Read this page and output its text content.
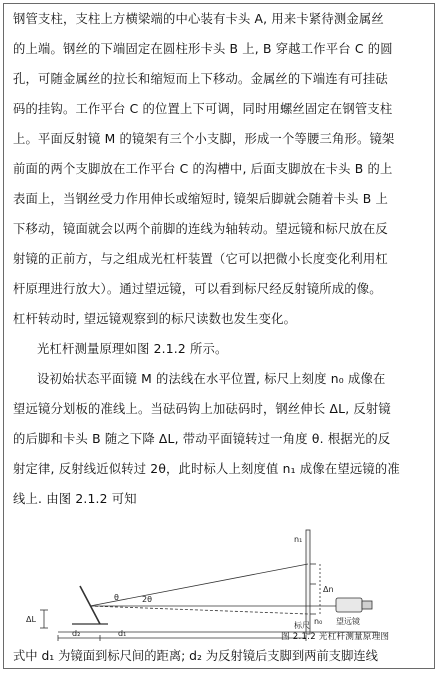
钢管支柱，支柱上方横梁端的中心装有卡头 A, 用来卡紧待测金属丝
的上端。钢丝的下端固定在圆柱形卡头 B 上, B 穿越工作平台 C 的圆
孔，可随金属丝的拉长和缩短而上下移动。金属丝的下端连有可挂砝
码的挂钩。工作平台 C 的位置上下可调，同时用螺丝固定在钢管支柱
上。平面反射镜 M 的镜架有三个小支脚，形成一个等腰三角形。镜架
前面的两个支脚放在工作平台 C 的沟槽中, 后面支脚放在卡头 B 的上
表面上，当钢丝受力作用伸长或缩短时, 镜架后脚就会随着卡头 B 上
下移动，镜面就会以两个前脚的连线为轴转动。望远镜和标尺放在反
射镜的正前方，与之组成光杠杆装置（它可以把微小长度变化利用杠
杆原理进行放大）。通过望远镜，可以看到标尺经反射镜所成的像。
杠杆转动时, 望远镜观察到的标尺读数也发生变化。
光杠杆测量原理如图 2.1.2 所示。
设初始状态平面镜 M 的法线在水平位置, 标尺上刻度 n₀ 成像在
望远镜分划板的准线上。当砝码钩上加砝码时，钢丝伸长 ΔL, 反射镜
的后脚和卡头 B 随之下降 ΔL, 带动平面镜转过一角度 θ. 根据光的反
射定律, 反射线近似转过 2θ，此时标人上刻度值 n₁ 成像在望远镜的准
线上. 由图 2.1.2 可知
n₁
Δn
n₀
θ	2θ
ΔL
d₂	d₁
标尺	望远镜
图 2.1.2 光杠杆测量原理图
式中 d₁ 为镜面到标尺间的距离; d₂ 为反射镜后支脚到两前支脚连线
